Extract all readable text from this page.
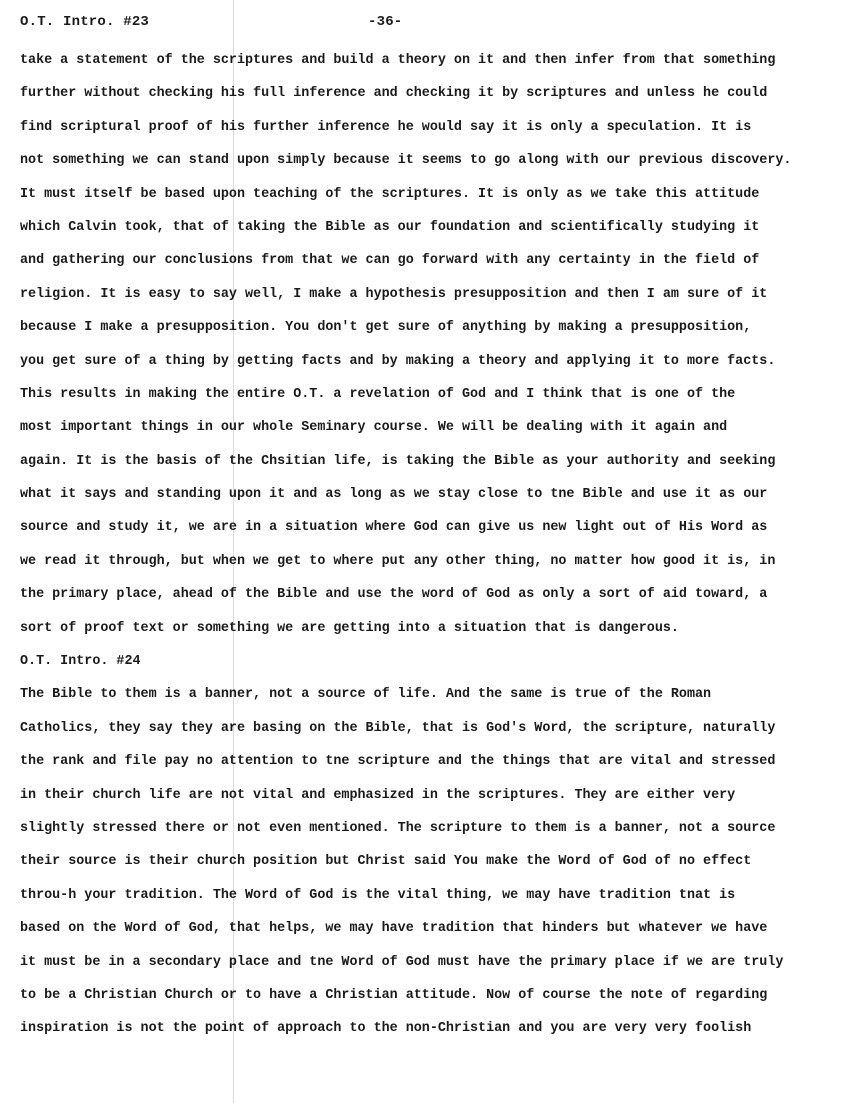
O.T. Intro. #23	-36-
take a statement of the scriptures and build a theory on it and then infer from that something
further without checking his full inference and checking it by scriptures and unless he could
find scriptural proof of his further inference he would say it is only a speculation. It is
not something we can stand upon simply because it seems to go along with our previous discovery.
It must itself be based upon teaching of the scriptures. It is only as we take this attitude
which Calvin took, that of taking the Bible as our foundation and scientifically studying it
and gathering our conclusions from that we can go forward with any certainty in the field of
religion. It is easy to say well, I make a hypothesis presupposition and then I am sure of it
because I make a presupposition. You don't get sure of anything by making a presupposition,
you get sure of a thing by getting facts and by making a theory and applying it to more facts.
This results in making the entire O.T. a revelation of God and I think that is one of the
most important things in our whole Seminary course. We will be dealing with it again and
again. It is the basis of the Chsitian life, is taking the Bible as your authority and seeking
what it says and standing upon it and as long as we stay close to tne Bible and use it as our
source and study it, we are in a situation where God can give us new light out of His Word as
we read it through, but when we get to where put any other thing, no matter how good it is, in
the primary place, ahead of the Bible and use the word of God as only a sort of aid toward, a
sort of proof text or something we are getting into a situation that is dangerous.
O.T. Intro. #24
The Bible to them is a banner, not a source of life. And the same is true of the Roman
Catholics, they say they are basing on the Bible, that is God's Word, the scripture, naturally
the rank and file pay no attention to tne scripture and the things that are vital and stressed
in their church life are not vital and emphasized in the scriptures. They are either very
slightly stressed there or not even mentioned. The scripture to them is a banner, not a source
their source is their church position but Christ said You make the Word of God of no effect
throu-h your tradition. The Word of God is the vital thing, we may have tradition tnat is
based on the Word of God, that helps, we may have tradition that hinders but whatever we have
it must be in a secondary place and tne Word of God must have the primary place if we are truly
to be a Christian Church or to have a Christian attitude. Now of course the note of regarding
inspiration is not the point of approach to the non-Christian and you are very very foolish
